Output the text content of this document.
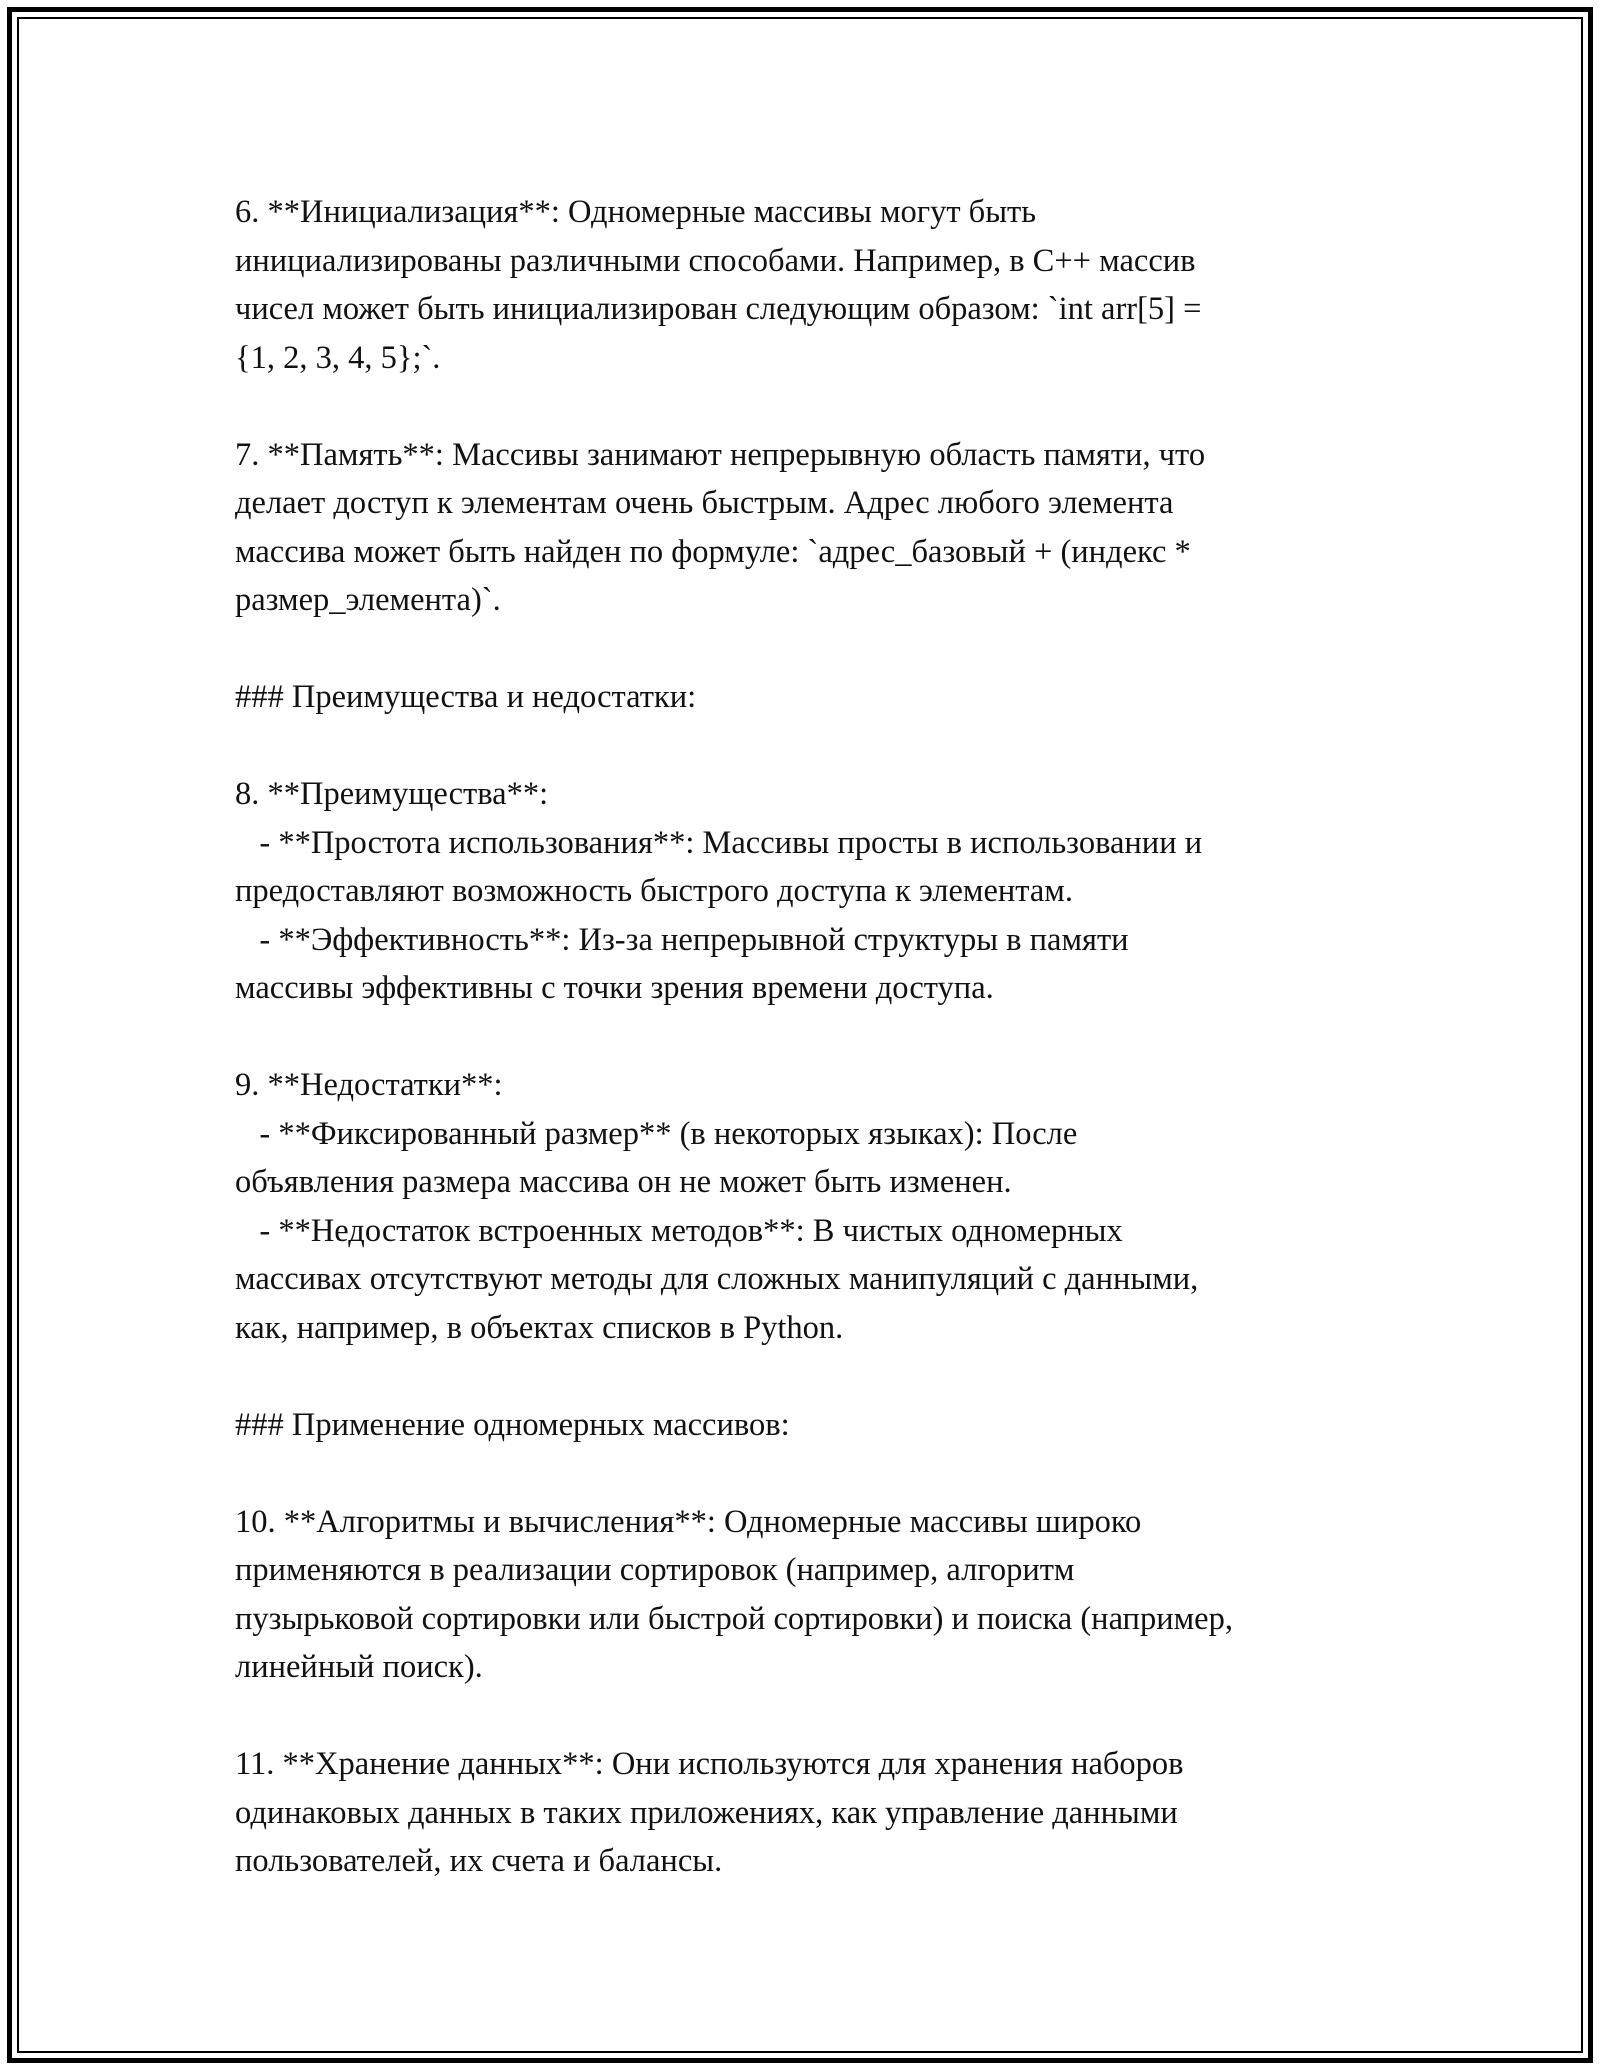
6. **Инициализация**: Одномерные массивы могут быть
инициализированы различными способами. Например, в C++ массив
чисел может быть инициализирован следующим образом: `int arr[5] =
{1, 2, 3, 4, 5};`.

7. **Память**: Массивы занимают непрерывную область памяти, что
делает доступ к элементам очень быстрым. Адрес любого элемента
массива может быть найден по формуле: `адрес_базовый + (индекс *
размер_элемента)`.

### Преимущества и недостатки:

8. **Преимущества**:
- **Простота использования**: Массивы просты в использовании и
предоставляют возможность быстрого доступа к элементам.
- **Эффективность**: Из-за непрерывной структуры в памяти
массивы эффективны с точки зрения времени доступа.

9. **Недостатки**:
- **Фиксированный размер** (в некоторых языках): После
объявления размера массива он не может быть изменен.
- **Недостаток встроенных методов**: В чистых одномерных
массивах отсутствуют методы для сложных манипуляций с данными,
как, например, в объектах списков в Python.

### Применение одномерных массивов:

10. **Алгоритмы и вычисления**: Одномерные массивы широко
применяются в реализации сортировок (например, алгоритм
пузырьковой сортировки или быстрой сортировки) и поиска (например,
линейный поиск).

11. **Хранение данных**: Они используются для хранения наборов
одинаковых данных в таких приложениях, как управление данными
пользователей, их счета и балансы.
